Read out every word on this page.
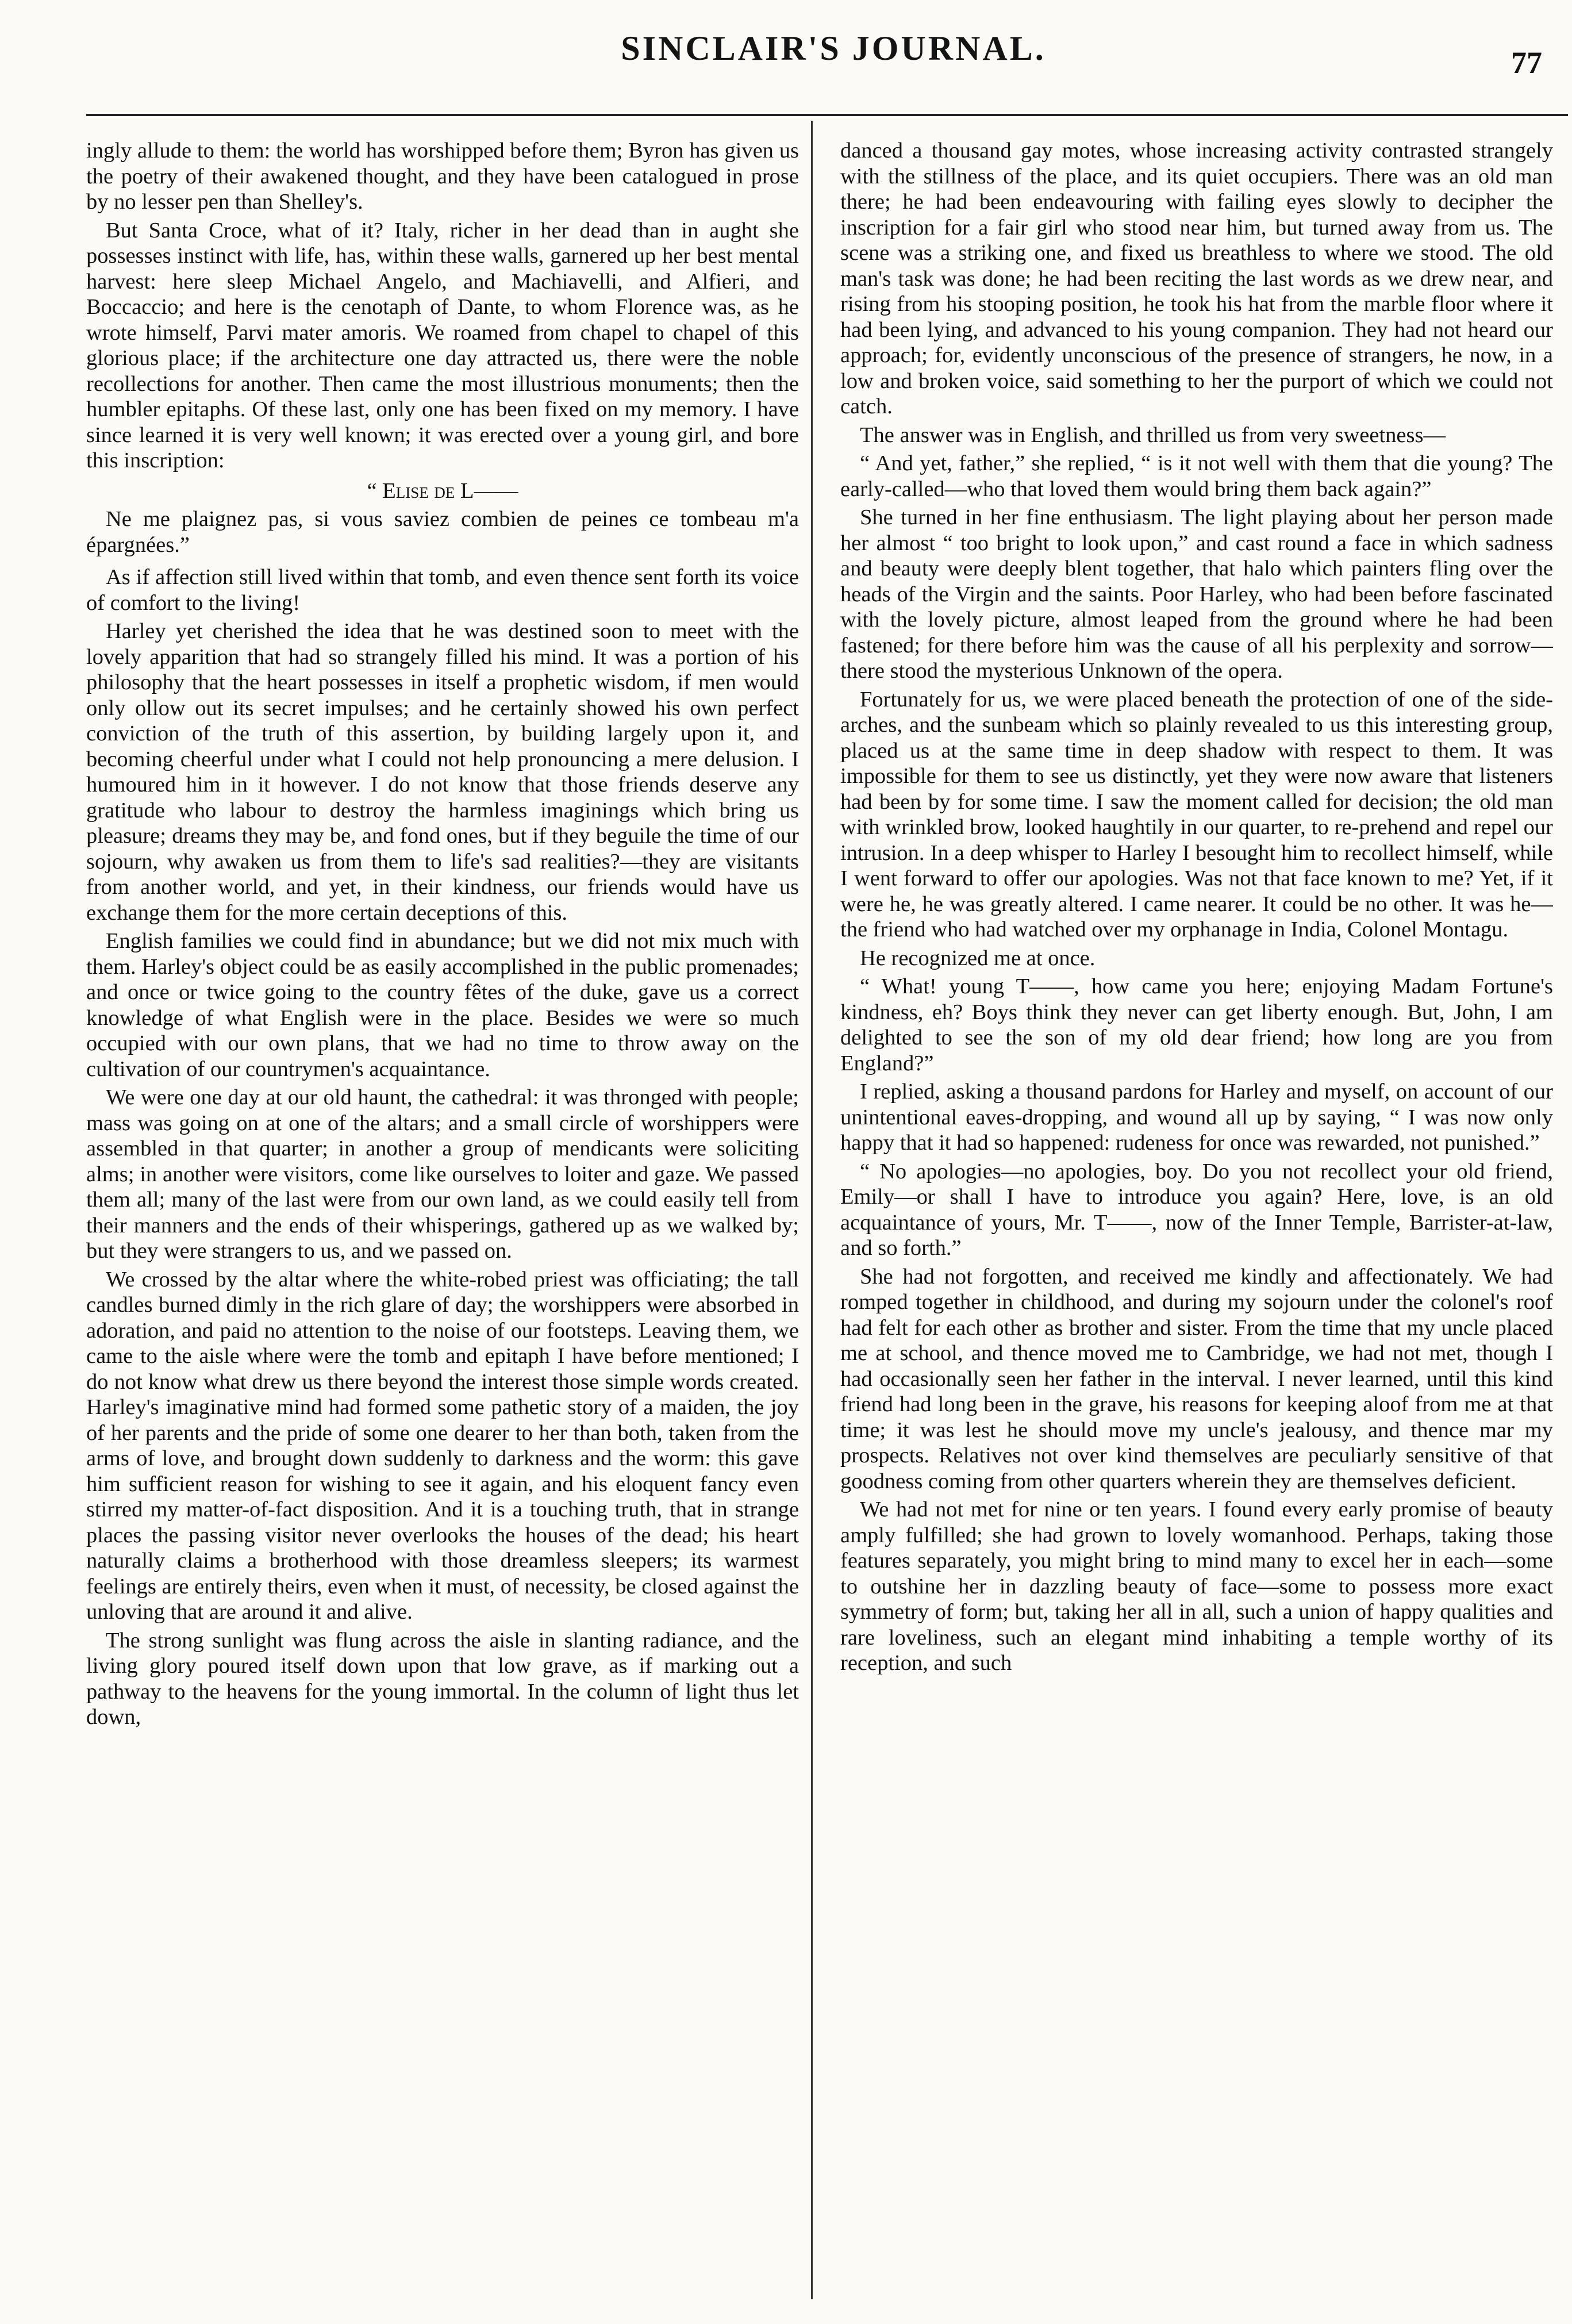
SINCLAIR'S JOURNAL.	77

ingly allude to them: the world has worshipped before them; Byron has given us the poetry of their awakened thought, and they have been catalogued in prose by no lesser pen than Shelley's.

But Santa Croce, what of it? Italy, richer in her dead than in aught she possesses instinct with life, has, within these walls, garnered up her best mental harvest: here sleep Michael Angelo, and Machiavelli, and Alfieri, and Boccaccio; and here is the cenotaph of Dante, to whom Florence was, as he wrote himself, Parvi mater amoris. We roamed from chapel to chapel of this glorious place; if the architecture one day attracted us, there were the noble recollections for another. Then came the most illustrious monuments; then the humbler epitaphs. Of these last, only one has been fixed on my memory. I have since learned it is very well known; it was erected over a young girl, and bore this inscription:

“ Elise de L——

Ne me plaignez pas, si vous saviez combien de peines ce tombeau m'a épargnées.”

As if affection still lived within that tomb, and even thence sent forth its voice of comfort to the living!

Harley yet cherished the idea that he was destined soon to meet with the lovely apparition that had so strangely filled his mind. It was a portion of his philosophy that the heart possesses in itself a prophetic wisdom, if men would only ollow out its secret impulses; and he certainly showed his own perfect conviction of the truth of this assertion, by building largely upon it, and becoming cheerful under what I could not help pronouncing a mere delusion. I humoured him in it however. I do not know that those friends deserve any gratitude who labour to destroy the harmless imaginings which bring us pleasure; dreams they may be, and fond ones, but if they beguile the time of our sojourn, why awaken us from them to life's sad realities?—they are visitants from another world, and yet, in their kindness, our friends would have us exchange them for the more certain deceptions of this.

English families we could find in abundance; but we did not mix much with them. Harley's object could be as easily accomplished in the public promenades; and once or twice going to the country fêtes of the duke, gave us a correct knowledge of what English were in the place. Besides we were so much occupied with our own plans, that we had no time to throw away on the cultivation of our countrymen's acquaintance.

We were one day at our old haunt, the cathedral: it was thronged with people; mass was going on at one of the altars; and a small circle of worshippers were assembled in that quarter; in another a group of mendicants were soliciting alms; in another were visitors, come like ourselves to loiter and gaze. We passed them all; many of the last were from our own land, as we could easily tell from their manners and the ends of their whisperings, gathered up as we walked by; but they were strangers to us, and we passed on.

We crossed by the altar where the white-robed priest was officiating; the tall candles burned dimly in the rich glare of day; the worshippers were absorbed in adoration, and paid no attention to the noise of our footsteps. Leaving them, we came to the aisle where were the tomb and epitaph I have before mentioned; I do not know what drew us there beyond the interest those simple words created. Harley's imaginative mind had formed some pathetic story of a maiden, the joy of her parents and the pride of some one dearer to her than both, taken from the arms of love, and brought down suddenly to darkness and the worm: this gave him sufficient reason for wishing to see it again, and his eloquent fancy even stirred my matter-of-fact disposition. And it is a touching truth, that in strange places the passing visitor never overlooks the houses of the dead; his heart naturally claims a brotherhood with those dreamless sleepers; its warmest feelings are entirely theirs, even when it must, of necessity, be closed against the unloving that are around it and alive.

The strong sunlight was flung across the aisle in slanting radiance, and the living glory poured itself down upon that low grave, as if marking out a pathway to the heavens for the young immortal. In the column of light thus let down,

danced a thousand gay motes, whose increasing activity contrasted strangely with the stillness of the place, and its quiet occupiers. There was an old man there; he had been endeavouring with failing eyes slowly to decipher the inscription for a fair girl who stood near him, but turned away from us. The scene was a striking one, and fixed us breathless to where we stood. The old man's task was done; he had been reciting the last words as we drew near, and rising from his stooping position, he took his hat from the marble floor where it had been lying, and advanced to his young companion. They had not heard our approach; for, evidently unconscious of the presence of strangers, he now, in a low and broken voice, said something to her the purport of which we could not catch.

The answer was in English, and thrilled us from very sweetness—

“ And yet, father,” she replied, “ is it not well with them that die young? The early-called—who that loved them would bring them back again?”

She turned in her fine enthusiasm. The light playing about her person made her almost “ too bright to look upon,” and cast round a face in which sadness and beauty were deeply blent together, that halo which painters fling over the heads of the Virgin and the saints. Poor Harley, who had been before fascinated with the lovely picture, almost leaped from the ground where he had been fastened; for there before him was the cause of all his perplexity and sorrow—there stood the mysterious Unknown of the opera.

Fortunately for us, we were placed beneath the protection of one of the side-arches, and the sunbeam which so plainly revealed to us this interesting group, placed us at the same time in deep shadow with respect to them. It was impossible for them to see us distinctly, yet they were now aware that listeners had been by for some time. I saw the moment called for decision; the old man with wrinkled brow, looked haughtily in our quarter, to re-prehend and repel our intrusion. In a deep whisper to Harley I besought him to recollect himself, while I went forward to offer our apologies. Was not that face known to me? Yet, if it were he, he was greatly altered. I came nearer. It could be no other. It was he—the friend who had watched over my orphanage in India, Colonel Montagu.

He recognized me at once.

“ What! young T——, how came you here; enjoying Madam Fortune's kindness, eh? Boys think they never can get liberty enough. But, John, I am delighted to see the son of my old dear friend; how long are you from England?”

I replied, asking a thousand pardons for Harley and myself, on account of our unintentional eaves-dropping, and wound all up by saying, “ I was now only happy that it had so happened: rudeness for once was rewarded, not punished.”

“ No apologies—no apologies, boy. Do you not recollect your old friend, Emily—or shall I have to introduce you again? Here, love, is an old acquaintance of yours, Mr. T——, now of the Inner Temple, Barrister-at-law, and so forth.”

She had not forgotten, and received me kindly and affectionately. We had romped together in childhood, and during my sojourn under the colonel's roof had felt for each other as brother and sister. From the time that my uncle placed me at school, and thence moved me to Cambridge, we had not met, though I had occasionally seen her father in the interval. I never learned, until this kind friend had long been in the grave, his reasons for keeping aloof from me at that time; it was lest he should move my uncle's jealousy, and thence mar my prospects. Relatives not over kind themselves are peculiarly sensitive of that goodness coming from other quarters wherein they are themselves deficient.

We had not met for nine or ten years. I found every early promise of beauty amply fulfilled; she had grown to lovely womanhood. Perhaps, taking those features separately, you might bring to mind many to excel her in each—some to outshine her in dazzling beauty of face—some to possess more exact symmetry of form; but, taking her all in all, such a union of happy qualities and rare loveliness, such an elegant mind inhabiting a temple worthy of its reception, and such
